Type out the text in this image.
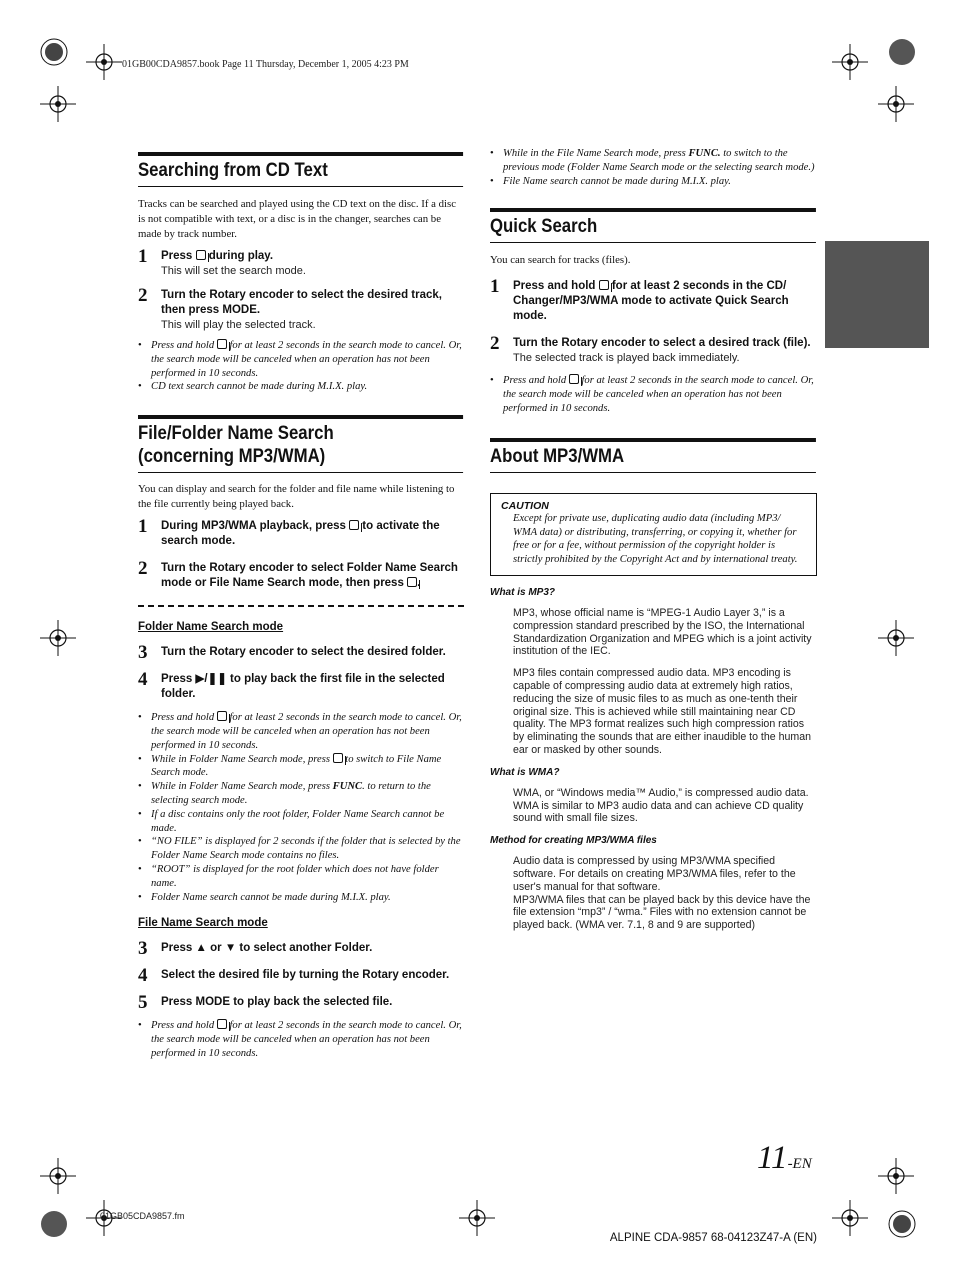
01GB00CDA9857.book Page 11 Thursday, December 1, 2005 4:23 PM
01GB05CDA9857.fm
ALPINE CDA-9857 68-04123Z47-A (EN)
11-EN
Searching from CD Text

Tracks can be searched and played using the CD text on the disc. If a disc is not compatible with text, or a disc is in the changer, searches can be made by track number.

1 Press  during play.
This will set the search mode.
2 Turn the Rotary encoder to select the desired track, then press MODE.
This will play the selected track.
• Press and hold  for at least 2 seconds in the search mode to cancel. Or, the search mode will be canceled when an operation has not been performed in 10 seconds.
• CD text search cannot be made during M.I.X. play.
File/Folder Name Search
(concerning MP3/WMA)

You can display and search for the folder and file name while listening to the file currently being played back.

1 During MP3/WMA playback, press  to activate the search mode.
2 Turn the Rotary encoder to select Folder Name Search mode or File Name Search mode, then press .
Folder Name Search mode
3 Turn the Rotary encoder to select the desired folder.
4 Press ▶/❚❚ to play back the first file in the selected folder.
• Press and hold  for at least 2 seconds in the search mode to cancel. Or, the search mode will be canceled when an operation has not been performed in 10 seconds.
• While in Folder Name Search mode, press  to switch to File Name Search mode.
• While in Folder Name Search mode, press FUNC. to return to the selecting search mode.
• If a disc contains only the root folder, Folder Name Search cannot be made.
• “NO FILE” is displayed for 2 seconds if the folder that is selected by the Folder Name Search mode contains no files.
• “ROOT” is displayed for the root folder which does not have folder name.
• Folder Name search cannot be made during M.I.X. play.
File Name Search mode
3 Press ▲ or ▼ to select another Folder.
4 Select the desired file by turning the Rotary encoder.
5 Press MODE to play back the selected file.
• Press and hold  for at least 2 seconds in the search mode to cancel. Or, the search mode will be canceled when an operation has not been performed in 10 seconds.
• While in the File Name Search mode, press FUNC. to switch to the previous mode (Folder Name Search mode or the selecting search mode.)
• File Name search cannot be made during M.I.X. play.
Quick Search

You can search for tracks (files).

1 Press and hold  for at least 2 seconds in the CD/ Changer/MP3/WMA mode to activate Quick Search mode.
2 Turn the Rotary encoder to select a desired track (file).
The selected track is played back immediately.
• Press and hold  for at least 2 seconds in the search mode to cancel. Or, the search mode will be canceled when an operation has not been performed in 10 seconds.
About MP3/WMA
CAUTION
Except for private use, duplicating audio data (including MP3/ WMA data) or distributing, transferring, or copying it, whether for free or for a fee, without permission of the copyright holder is strictly prohibited by the Copyright Act and by international treaty.
What is MP3?
MP3, whose official name is “MPEG-1 Audio Layer 3,” is a compression standard prescribed by the ISO, the International Standardization Organization and MPEG which is a joint activity institution of the IEC.
MP3 files contain compressed audio data. MP3 encoding is capable of compressing audio data at extremely high ratios, reducing the size of music files to as much as one-tenth their original size. This is achieved while still maintaining near CD quality. The MP3 format realizes such high compression ratios by eliminating the sounds that are either inaudible to the human ear or masked by other sounds.
What is WMA?
WMA, or “Windows media™ Audio,” is compressed audio data. WMA is similar to MP3 audio data and can achieve CD quality sound with small file sizes.
Method for creating MP3/WMA files
Audio data is compressed by using MP3/WMA specified software. For details on creating MP3/WMA files, refer to the user's manual for that software.
MP3/WMA files that can be played back by this device have the file extension “mp3” / “wma.” Files with no extension cannot be played back. (WMA ver. 7.1, 8 and 9 are supported)
